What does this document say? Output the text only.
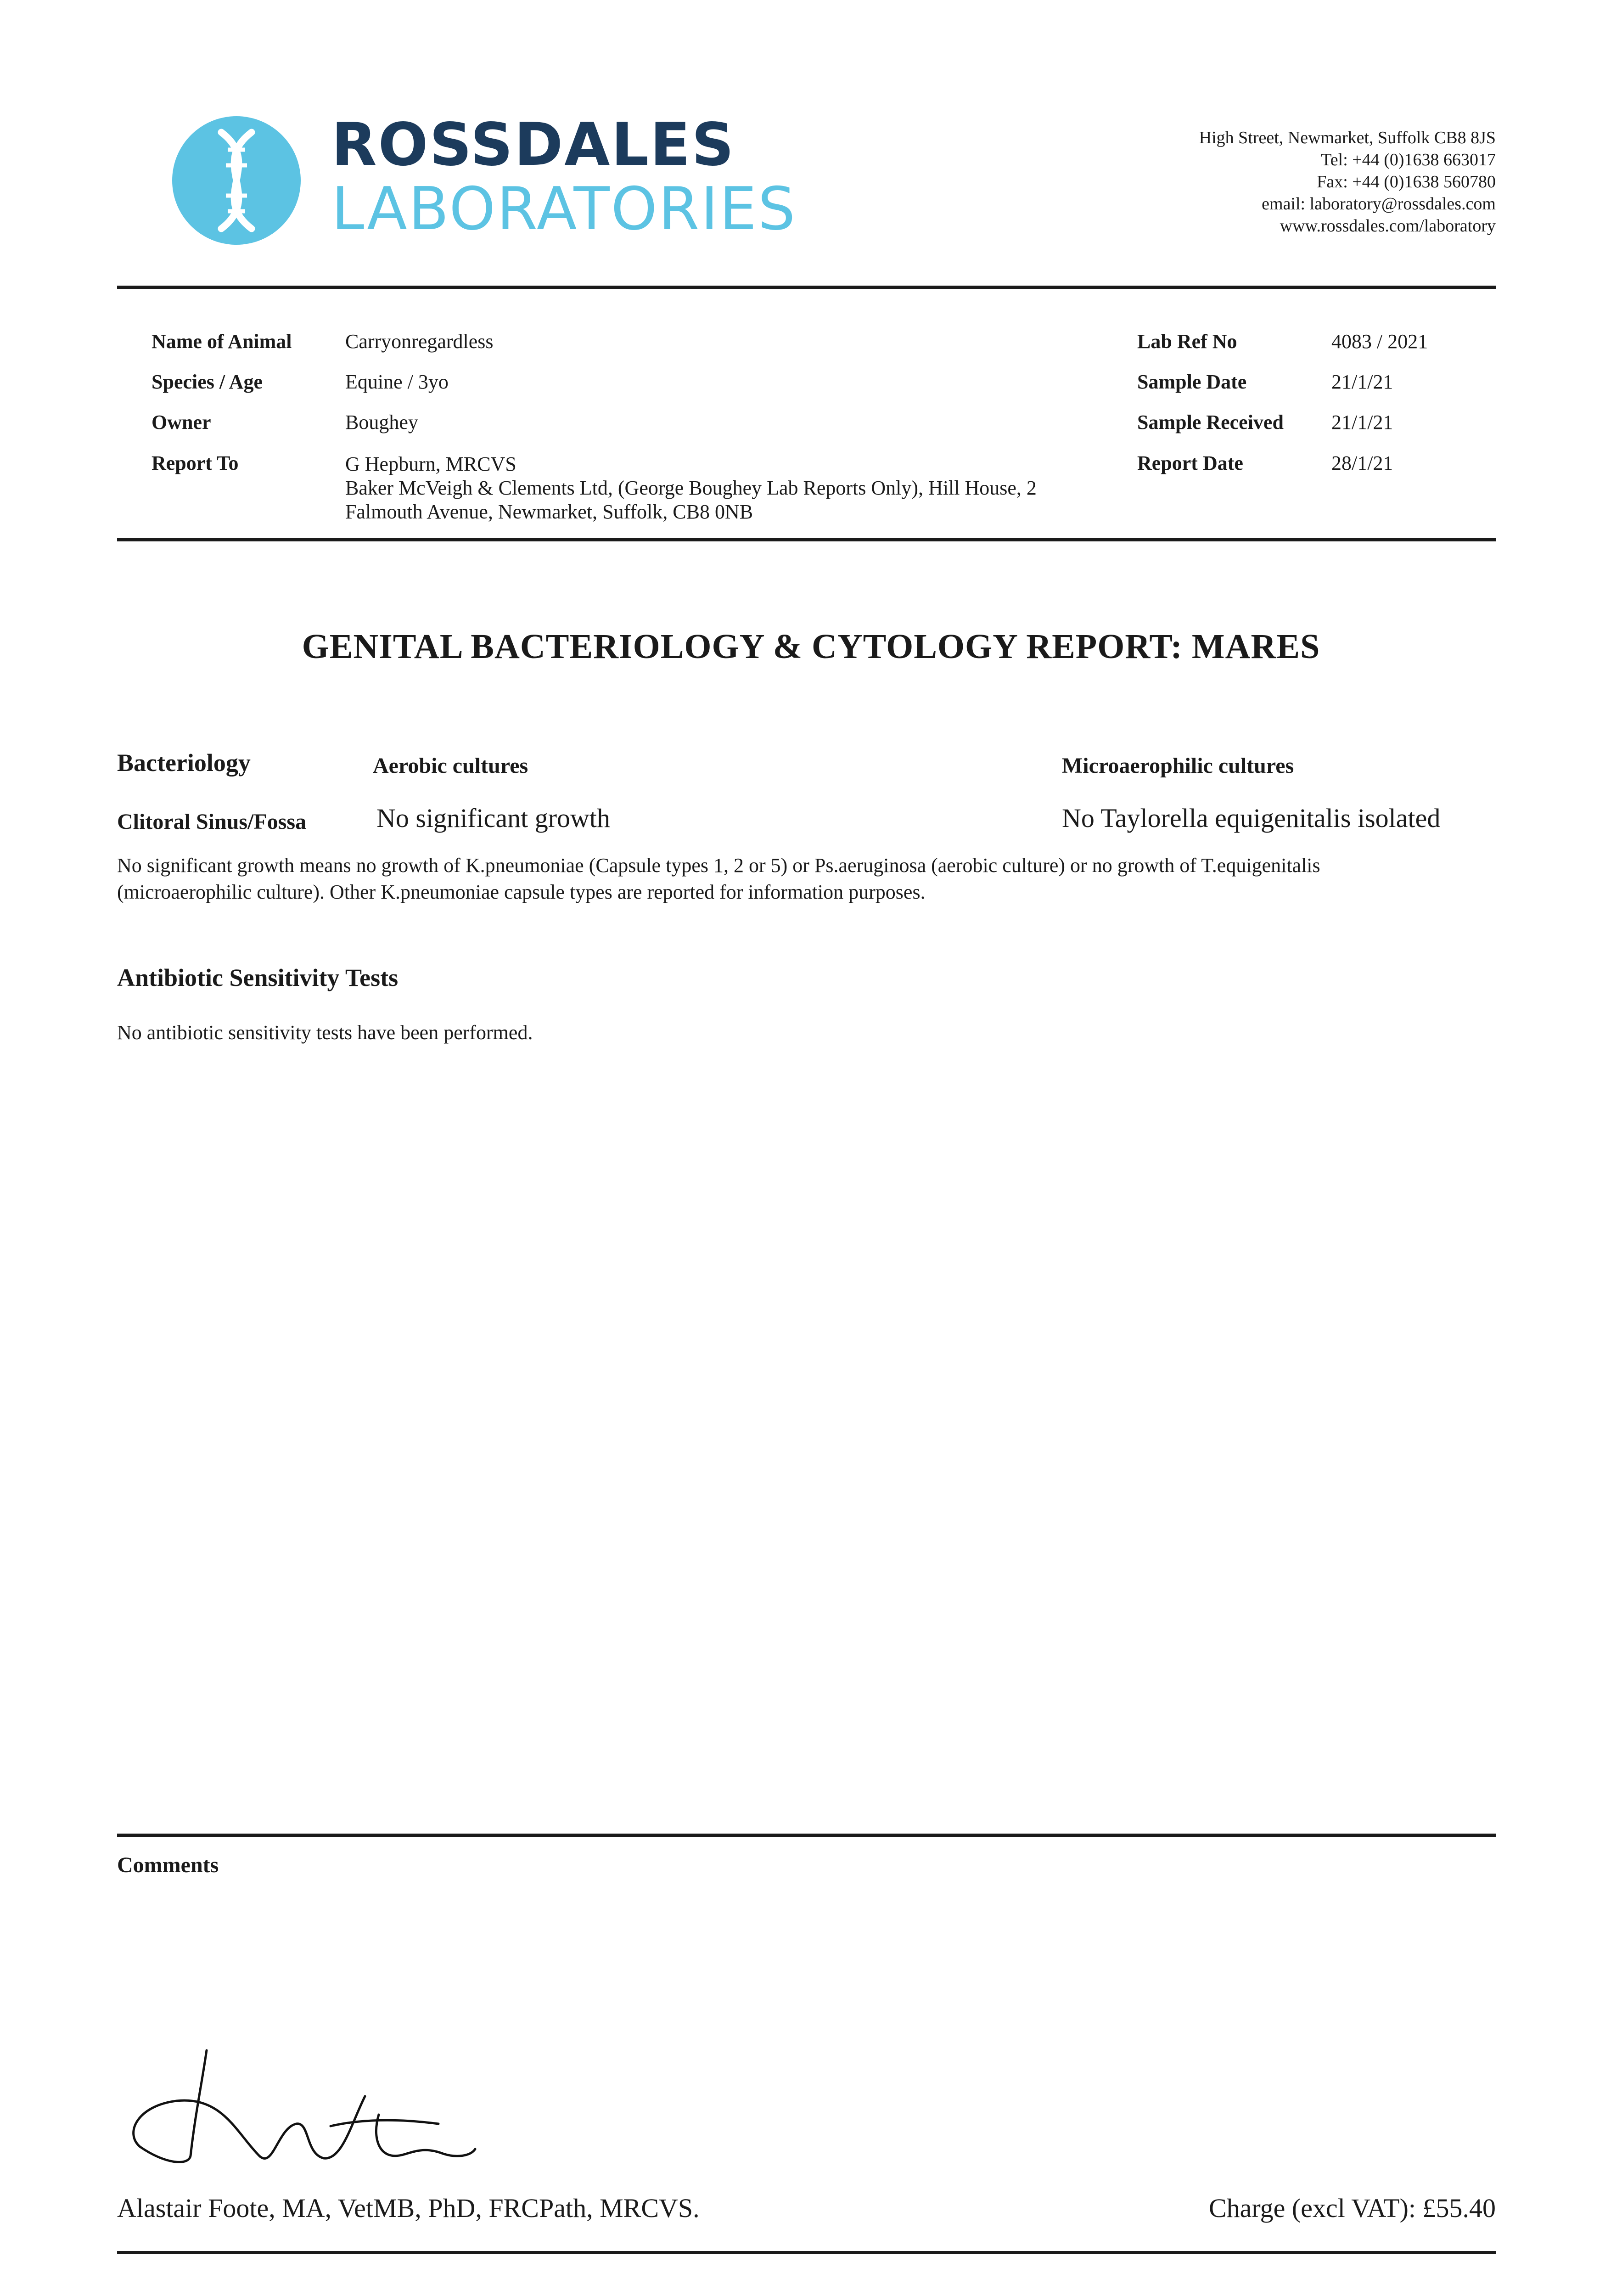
ROSSDALES
LABORATORIES
High Street, Newmarket, Suffolk CB8 8JS
Tel: +44 (0)1638 663017
Fax: +44 (0)1638 560780
email: laboratory@rossdales.com
www.rossdales.com/laboratory
Name of Animal	Carryonregardless
Species / Age	Equine / 3yo
Owner	Boughey
Report To	G Hepburn, MRCVS
Baker McVeigh & Clements Ltd, (George Boughey Lab Reports Only), Hill House, 2
Falmouth Avenue, Newmarket, Suffolk, CB8 0NB
Lab Ref No	4083 / 2021
Sample Date	21/1/21
Sample Received 21/1/21
Report Date	28/1/21
GENITAL BACTERIOLOGY & CYTOLOGY REPORT: MARES
Bacteriology	Aerobic cultures	Microaerophilic cultures
Clitoral Sinus/Fossa	No significant growth	No Taylorella equigenitalis isolated
No significant growth means no growth of K.pneumoniae (Capsule types 1, 2 or 5) or Ps.aeruginosa (aerobic culture) or no growth of T.equigenitalis
(microaerophilic culture). Other K.pneumoniae capsule types are reported for information purposes.
Antibiotic Sensitivity Tests
No antibiotic sensitivity tests have been performed.
Comments
Alastair Foote, MA, VetMB, PhD, FRCPath, MRCVS.	Charge (excl VAT): £55.40
